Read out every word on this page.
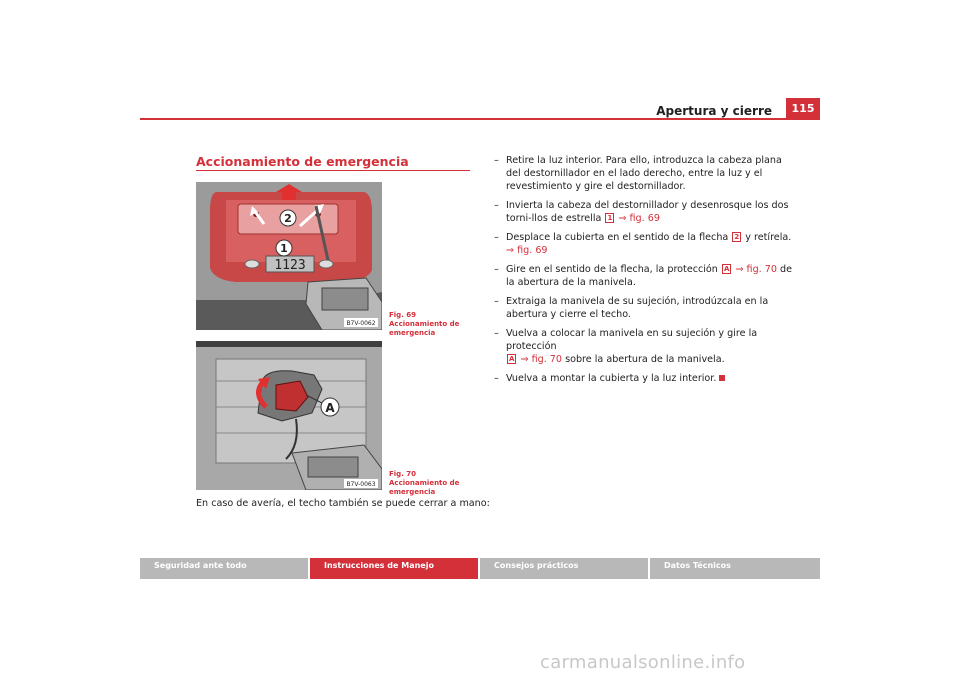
Apertura y cierre	115
Accionamiento de emergencia
1123
2
1
B7V-0062
Fig. 69 Accionamiento de emergencia
A
B7V-0063
Fig. 70 Accionamiento de emergencia
En caso de avería, el techo también se puede cerrar a mano:
– Retire la luz interior. Para ello, introduzca la cabeza plana del destornillador en el lado derecho, entre la luz y el revestimiento y gire el destornillador.
– Invierta la cabeza del destornillador y desenrosque los dos torni-llos de estrella 1 ⇒ fig. 69
– Desplace la cubierta en el sentido de la flecha 2 y retírela.
⇒ fig. 69
– Gire en el sentido de la flecha, la protección A ⇒ fig. 70 de la abertura de la manivela.
– Extraiga la manivela de su sujeción, introdúzcala en la abertura y cierre el techo.
– Vuelva a colocar la manivela en su sujeción y gire la protección
A ⇒ fig. 70 sobre la abertura de la manivela.
– Vuelva a montar la cubierta y la luz interior.
Seguridad ante todo	Instrucciones de Manejo	Consejos prácticos	Datos Técnicos
carmanualsonline.info
